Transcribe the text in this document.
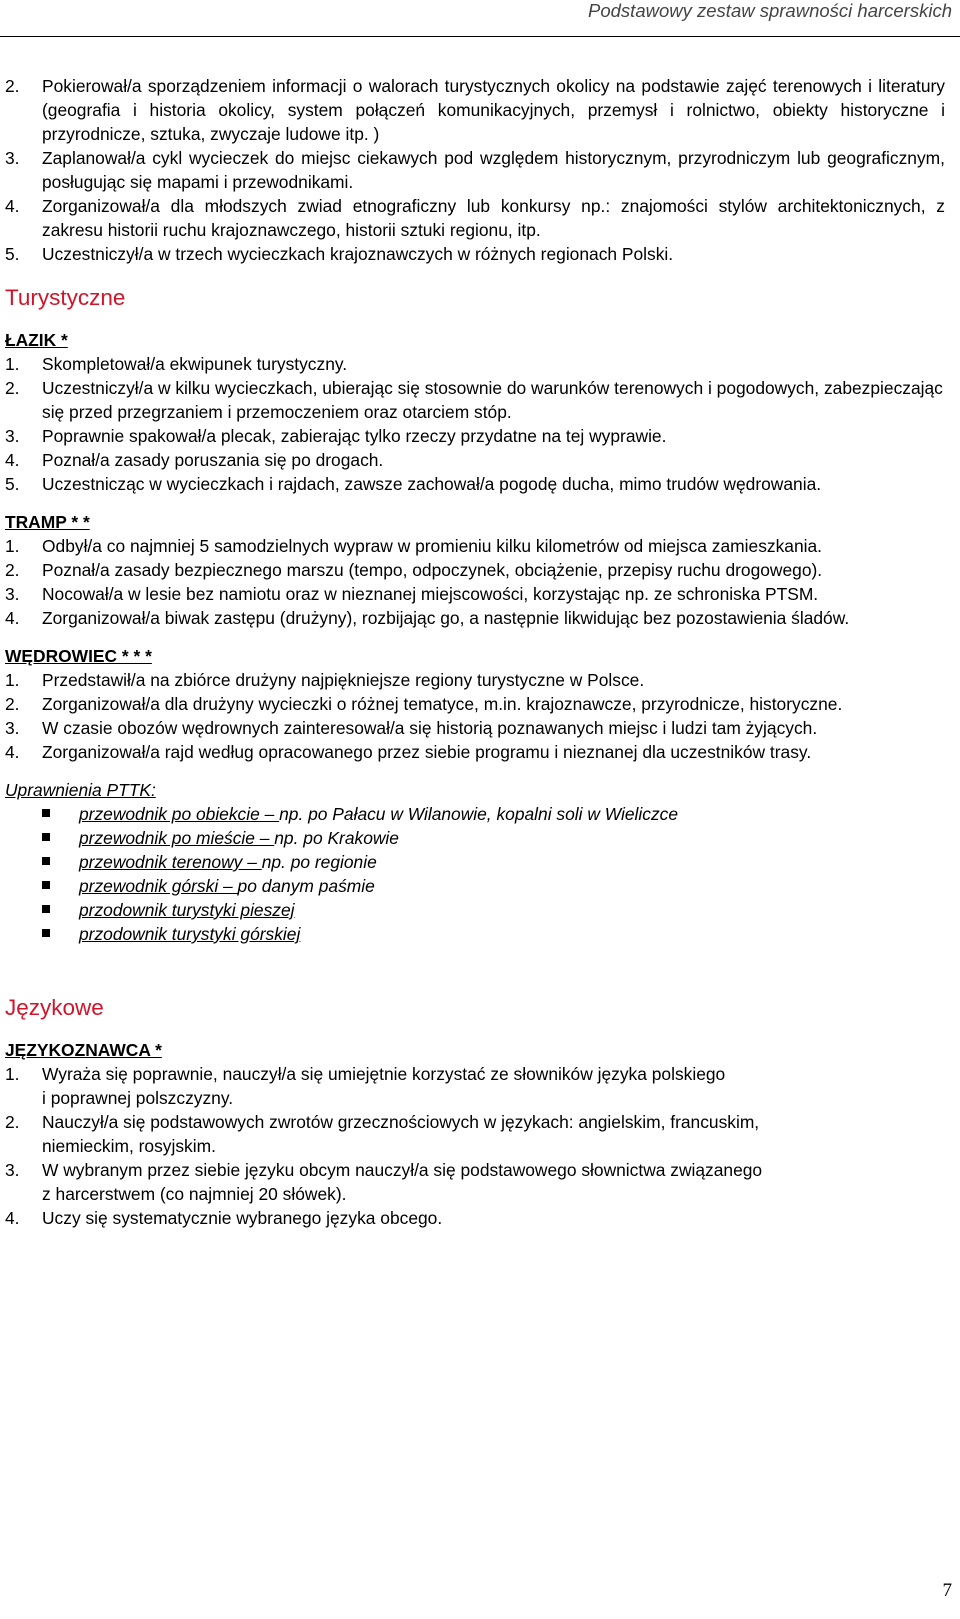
Podstawowy zestaw sprawności harcerskich
2. Pokierował/a sporządzeniem informacji o walorach turystycznych okolicy na podstawie zajęć terenowych i literatury (geografia i historia okolicy, system połączeń komunikacyjnych, przemysł i rolnictwo, obiekty historyczne i przyrodnicze, sztuka, zwyczaje ludowe itp. )
3. Zaplanował/a cykl wycieczek do miejsc ciekawych pod względem historycznym, przyrodniczym lub geograficznym, posługując się mapami i przewodnikami.
4. Zorganizował/a dla młodszych zwiad etnograficzny lub konkursy np.: znajomości stylów architektonicznych, z zakresu historii ruchu krajoznawczego, historii sztuki regionu, itp.
5. Uczestniczył/a w trzech wycieczkach krajoznawczych w różnych regionach Polski.
Turystyczne
ŁAZIK *
1. Skompletował/a ekwipunek turystyczny.
2. Uczestniczył/a w kilku wycieczkach, ubierając się stosownie do warunków terenowych i pogodowych, zabezpieczając się przed przegrzaniem i przemoczeniem oraz otarciem stóp.
3. Poprawnie spakował/a plecak, zabierając tylko rzeczy przydatne na tej wyprawie.
4. Poznał/a zasady poruszania się po drogach.
5. Uczestnicząc w wycieczkach i rajdach, zawsze zachował/a pogodę ducha, mimo trudów wędrowania.
TRAMP * *
1. Odbył/a co najmniej 5 samodzielnych wypraw w promieniu kilku kilometrów od miejsca zamieszkania.
2. Poznał/a zasady bezpiecznego marszu (tempo, odpoczynek, obciążenie, przepisy ruchu drogowego).
3. Nocował/a w lesie bez namiotu oraz w nieznanej miejscowości, korzystając np. ze schroniska PTSM.
4. Zorganizował/a biwak zastępu (drużyny), rozbijając go, a następnie likwidując bez pozostawienia śladów.
WĘDROWIEC * * *
1. Przedstawił/a na zbiórce drużyny najpiękniejsze regiony turystyczne w Polsce.
2. Zorganizował/a dla drużyny wycieczki o różnej tematyce, m.in. krajoznawcze, przyrodnicze, historyczne.
3. W czasie obozów wędrownych zainteresował/a się historią poznawanych miejsc i ludzi tam żyjących.
4. Zorganizował/a rajd według opracowanego przez siebie programu i nieznanej dla uczestników trasy.
Uprawnienia PTTK:
przewodnik po obiekcie – np. po Pałacu w Wilanowie, kopalni soli w Wieliczce
przewodnik po mieście – np. po Krakowie
przewodnik terenowy – np. po regionie
przewodnik górski – po danym paśmie
przodownik turystyki pieszej
przodownik turystyki górskiej
Językowe
JĘZYKOZNAWCA *
1. Wyraża się poprawnie, nauczył/a się umiejętnie korzystać ze słowników języka polskiego
i poprawnej polszczyzny.
2. Nauczył/a się podstawowych zwrotów grzecznościowych w językach: angielskim, francuskim,
niemieckim, rosyjskim.
3. W wybranym przez siebie języku obcym nauczył/a się podstawowego słownictwa związanego
z harcerstwem (co najmniej 20 słówek).
4. Uczy się systematycznie wybranego języka obcego.
7
